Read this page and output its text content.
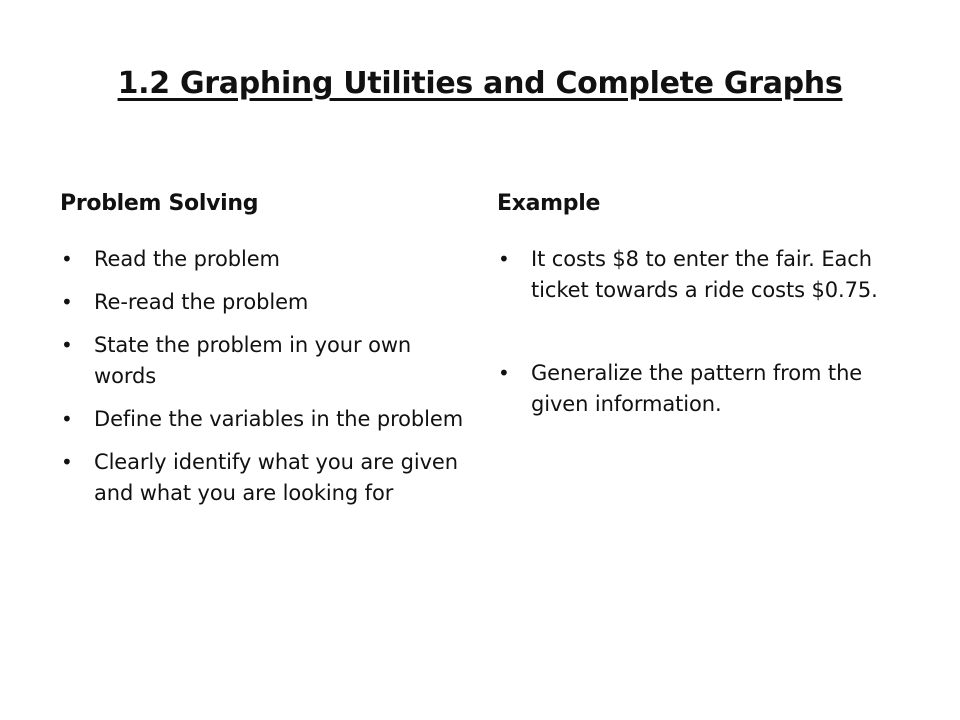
1.2 Graphing Utilities and Complete Graphs
Problem Solving
• Read the problem
• Re-read the problem
• State the problem in your own words
• Define the variables in the problem
• Clearly identify what you are given and what you are looking for
Example
• It costs $8 to enter the fair. Each ticket towards a ride costs $0.75.
• Generalize the pattern from the given information.
